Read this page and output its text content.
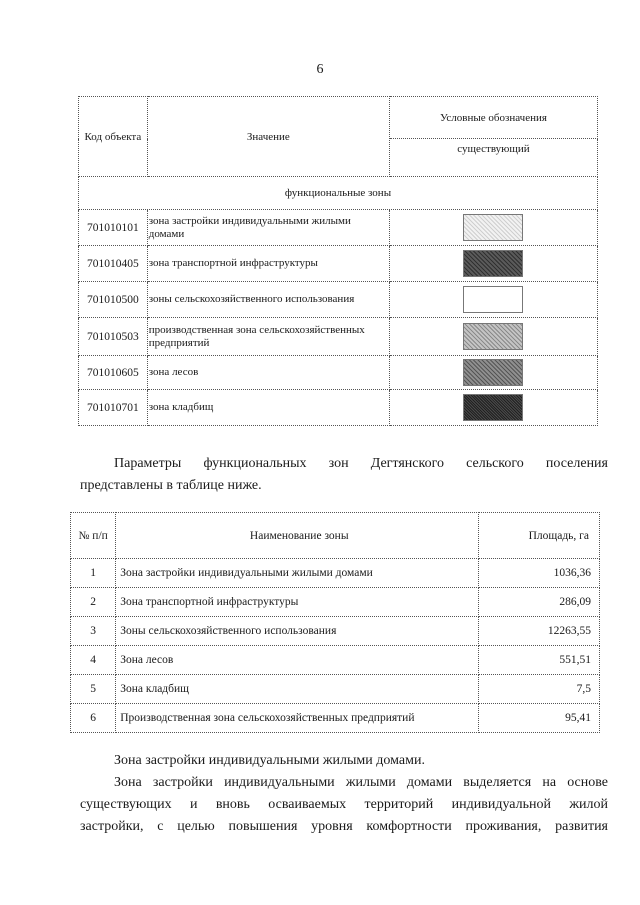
6
Код объекта	Значение	Условные обозначения
		существующий
функциональные зоны		
701010101	зона застройки индивидуальными жилыми домами	
701010405	зона транспортной инфраструктуры	
701010500	зоны сельскохозяйственного использования	
701010503	производственная зона сельскохозяйственных предприятий	
701010605	зона лесов	
701010701	зона кладбищ	
Параметры функциональных зон Дегтянского сельского поселения
представлены в таблице ниже.
№ п/п	Наименование зоны	Площадь, га
1	Зона застройки индивидуальными жилыми домами	1036,36
2	Зона транспортной инфраструктуры	286,09
3	Зоны сельскохозяйственного использования	12263,55
4	Зона лесов	551,51
5	Зона кладбищ	7,5
6	Производственная зона сельскохозяйственных предприятий	95,41
Зона застройки индивидуальными жилыми домами.
Зона застройки индивидуальными жилыми домами выделяется на основе
существующих и вновь осваиваемых территорий индивидуальной жилой
застройки, с целью повышения уровня комфортности проживания, развития
